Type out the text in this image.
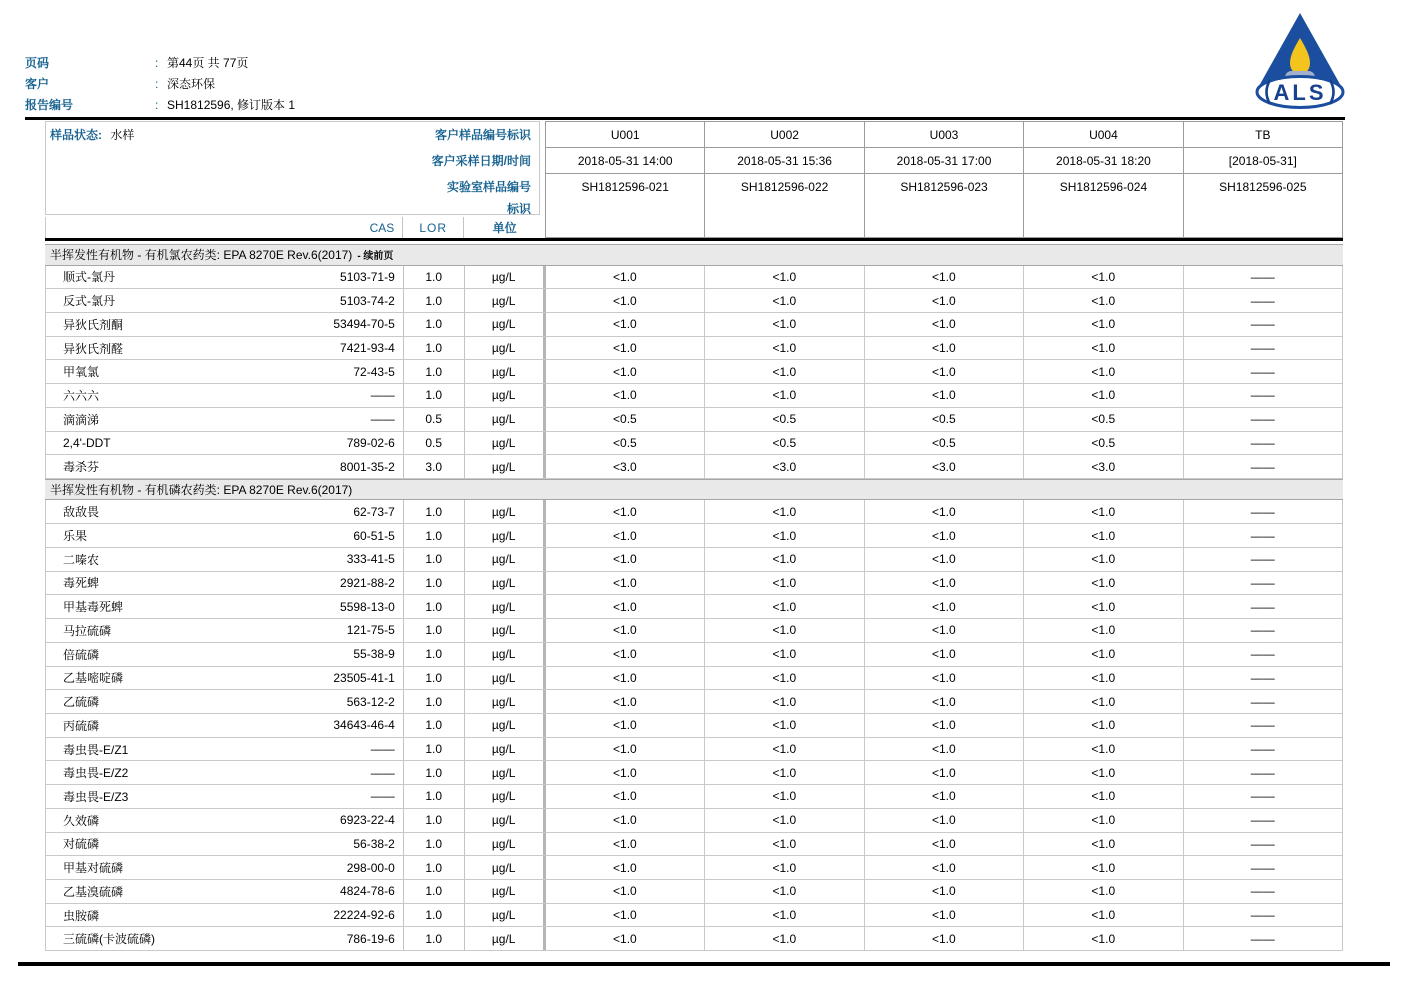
页码	: 第44页 共 77页
客户	: 深态环保
报告编号	: SH1812596, 修订版本 1	ALS
样品状态: 水样	客户样品编号标识
客户采样日期/时间
实验室样品编号
标识
U001	U002	U003	U004	TB
2018-05-31 14:00	2018-05-31 15:36	2018-05-31 17:00	2018-05-31 18:20	[2018-05-31]
SH1812596-021	SH1812596-022	SH1812596-023	SH1812596-024	SH1812596-025
CAS	LOR	单位
半挥发性有机物 - 有机氯农药类: EPA 8270E Rev.6(2017) - 续前页
顺式-氯丹	5103-71-9	1.0	µg/L	<1.0	<1.0	<1.0	<1.0	——
反式-氯丹	5103-74-2	1.0	µg/L	<1.0	<1.0	<1.0	<1.0	——
异狄氏剂酮	53494-70-5	1.0	µg/L	<1.0	<1.0	<1.0	<1.0	——
异狄氏剂醛	7421-93-4	1.0	µg/L	<1.0	<1.0	<1.0	<1.0	——
甲氧氯	72-43-5	1.0	µg/L	<1.0	<1.0	<1.0	<1.0	——
六六六	——	1.0	µg/L	<1.0	<1.0	<1.0	<1.0	——
滴滴涕	——	0.5	µg/L	<0.5	<0.5	<0.5	<0.5	——
2,4'-DDT	789-02-6	0.5	µg/L	<0.5	<0.5	<0.5	<0.5	——
毒杀芬	8001-35-2	3.0	µg/L	<3.0	<3.0	<3.0	<3.0	——
半挥发性有机物 - 有机磷农药类: EPA 8270E Rev.6(2017)
敌敌畏	62-73-7	1.0	µg/L	<1.0	<1.0	<1.0	<1.0	——
乐果	60-51-5	1.0	µg/L	<1.0	<1.0	<1.0	<1.0	——
二嗪农	333-41-5	1.0	µg/L	<1.0	<1.0	<1.0	<1.0	——
毒死蜱	2921-88-2	1.0	µg/L	<1.0	<1.0	<1.0	<1.0	——
甲基毒死蜱	5598-13-0	1.0	µg/L	<1.0	<1.0	<1.0	<1.0	——
马拉硫磷	121-75-5	1.0	µg/L	<1.0	<1.0	<1.0	<1.0	——
倍硫磷	55-38-9	1.0	µg/L	<1.0	<1.0	<1.0	<1.0	——
乙基嘧啶磷	23505-41-1	1.0	µg/L	<1.0	<1.0	<1.0	<1.0	——
乙硫磷	563-12-2	1.0	µg/L	<1.0	<1.0	<1.0	<1.0	——
丙硫磷	34643-46-4	1.0	µg/L	<1.0	<1.0	<1.0	<1.0	——
毒虫畏-E/Z1	——	1.0	µg/L	<1.0	<1.0	<1.0	<1.0	——
毒虫畏-E/Z2	——	1.0	µg/L	<1.0	<1.0	<1.0	<1.0	——
毒虫畏-E/Z3	——	1.0	µg/L	<1.0	<1.0	<1.0	<1.0	——
久效磷	6923-22-4	1.0	µg/L	<1.0	<1.0	<1.0	<1.0	——
对硫磷	56-38-2	1.0	µg/L	<1.0	<1.0	<1.0	<1.0	——
甲基对硫磷	298-00-0	1.0	µg/L	<1.0	<1.0	<1.0	<1.0	——
乙基溴硫磷	4824-78-6	1.0	µg/L	<1.0	<1.0	<1.0	<1.0	——
虫胺磷	22224-92-6	1.0	µg/L	<1.0	<1.0	<1.0	<1.0	——
三硫磷(卡波硫磷)	786-19-6	1.0	µg/L	<1.0	<1.0	<1.0	<1.0	——
